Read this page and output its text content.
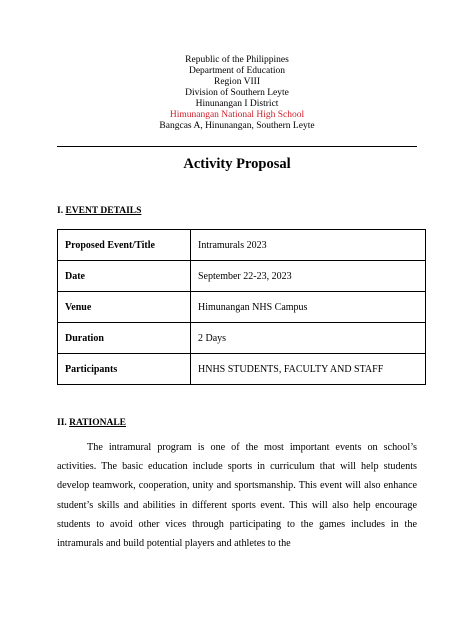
Republic of the Philippines
Department of Education
Region VIII
Division of Southern Leyte
Hinunangan I District
Himunangan National High School
Bangcas A, Hinunangan, Southern Leyte
Activity Proposal
I. EVENT DETAILS
Proposed Event/Title	Intramurals 2023
Date	September 22-23, 2023
Venue	Himunangan NHS Campus
Duration	2 Days
Participants	HNHS STUDENTS, FACULTY AND STAFF
II. RATIONALE

The intramural program is one of the most important events on school’s activities. The basic education include sports in curriculum that will help students develop teamwork, cooperation, unity and sportsmanship. This event will also enhance student’s skills and abilities in different sports event. This will also help encourage students to avoid other vices through participating to the games includes in the intramurals and build potential players and athletes to the
